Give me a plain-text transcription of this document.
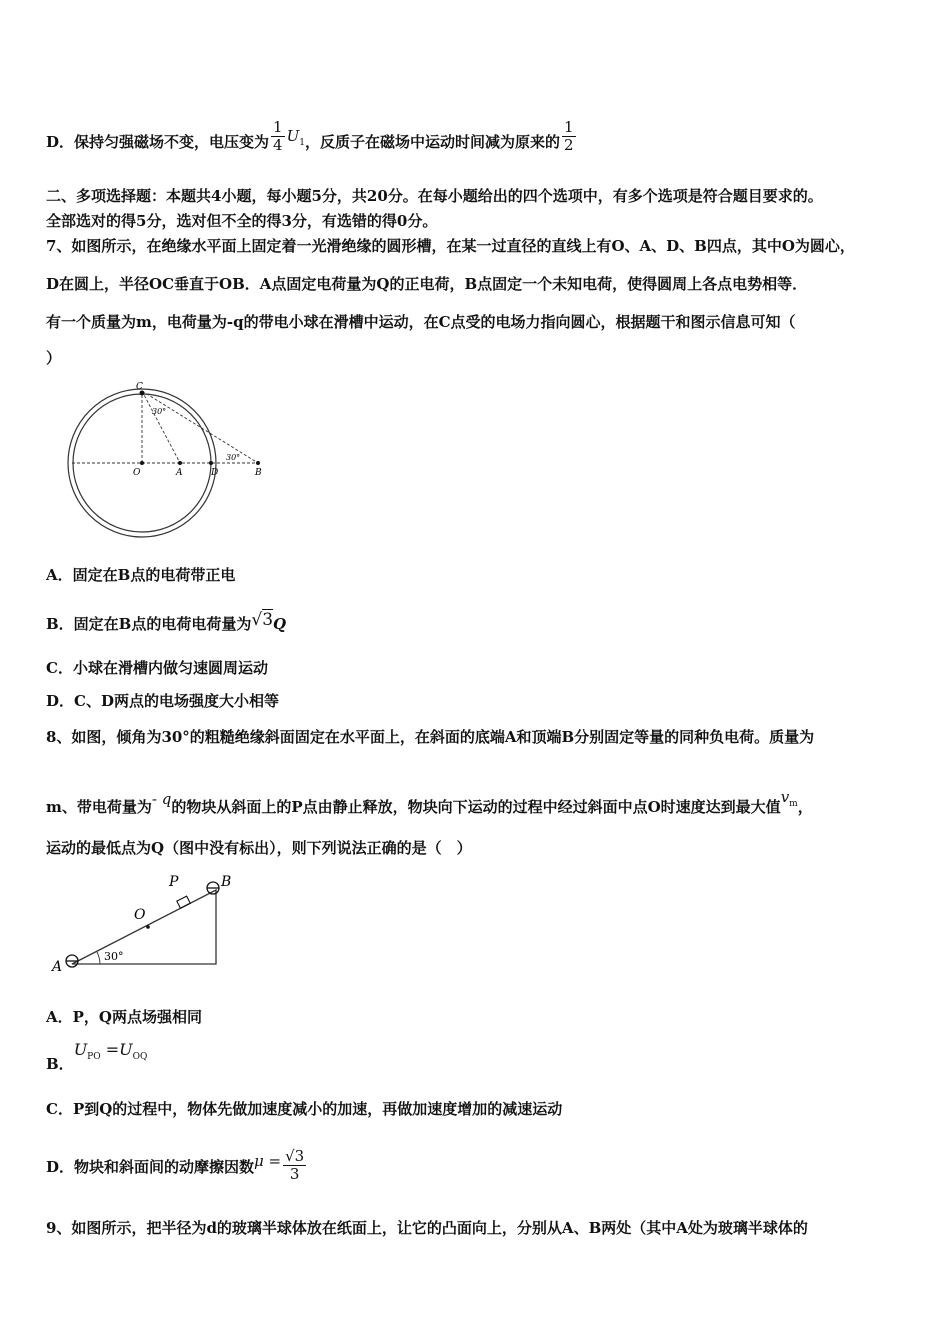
D．保持匀强磁场不变，电压变为 $\frac{1}{4} U_1$，反质子在磁场中运动时间减为原来的 $\frac{1}{2}$
二、多项选择题：本题共4小题，每小题5分，共20分。在每小题给出的四个选项中，有多个选项是符合题目要求的。
全部选对的得5分，选对但不全的得3分，有选错的得0分。
7、如图所示，在绝缘水平面上固定着一光滑绝缘的圆形槽，在某一过直径的直线上有O、A、D、B四点，其中O为圆心，
D在圆上，半径OC垂直于OB．A点固定电荷量为Q的正电荷，B点固定一个未知电荷，使得圆周上各点电势相等．
有一个质量为m，电荷量为-q的带电小球在滑槽中运动，在C点受的电场力指向圆心，根据题干和图示信息可知（
）
C
O	A	D	B
30°
30°
A．固定在B点的电荷带正电
B．固定在B点的电荷电荷量为√3Q
C．小球在滑槽内做匀速圆周运动
D．C、D两点的电场强度大小相等
8、如图，倾角为30°的粗糙绝缘斜面固定在水平面上，在斜面的底端A和顶端B分别固定等量的同种负电荷。质量为
m、带电荷量为- q的物块从斜面上的P点由静止释放，物块向下运动的过程中经过斜面中点O时速度达到最大值$v_m$，
运动的最低点为Q（图中没有标出），则下列说法正确的是（　）
P	B
O
A
30°
A．P，Q两点场强相同
B．$U_{PO} =U_{OQ}$
C．P到Q的过程中，物体先做加速度减小的加速，再做加速度增加的减速运动
D．物块和斜面间的动摩擦因数$\mu = \frac{√3}{3}$
9、如图所示，把半径为d的玻璃半球体放在纸面上，让它的凸面向上，分别从A、B两处（其中A处为玻璃半球体的
